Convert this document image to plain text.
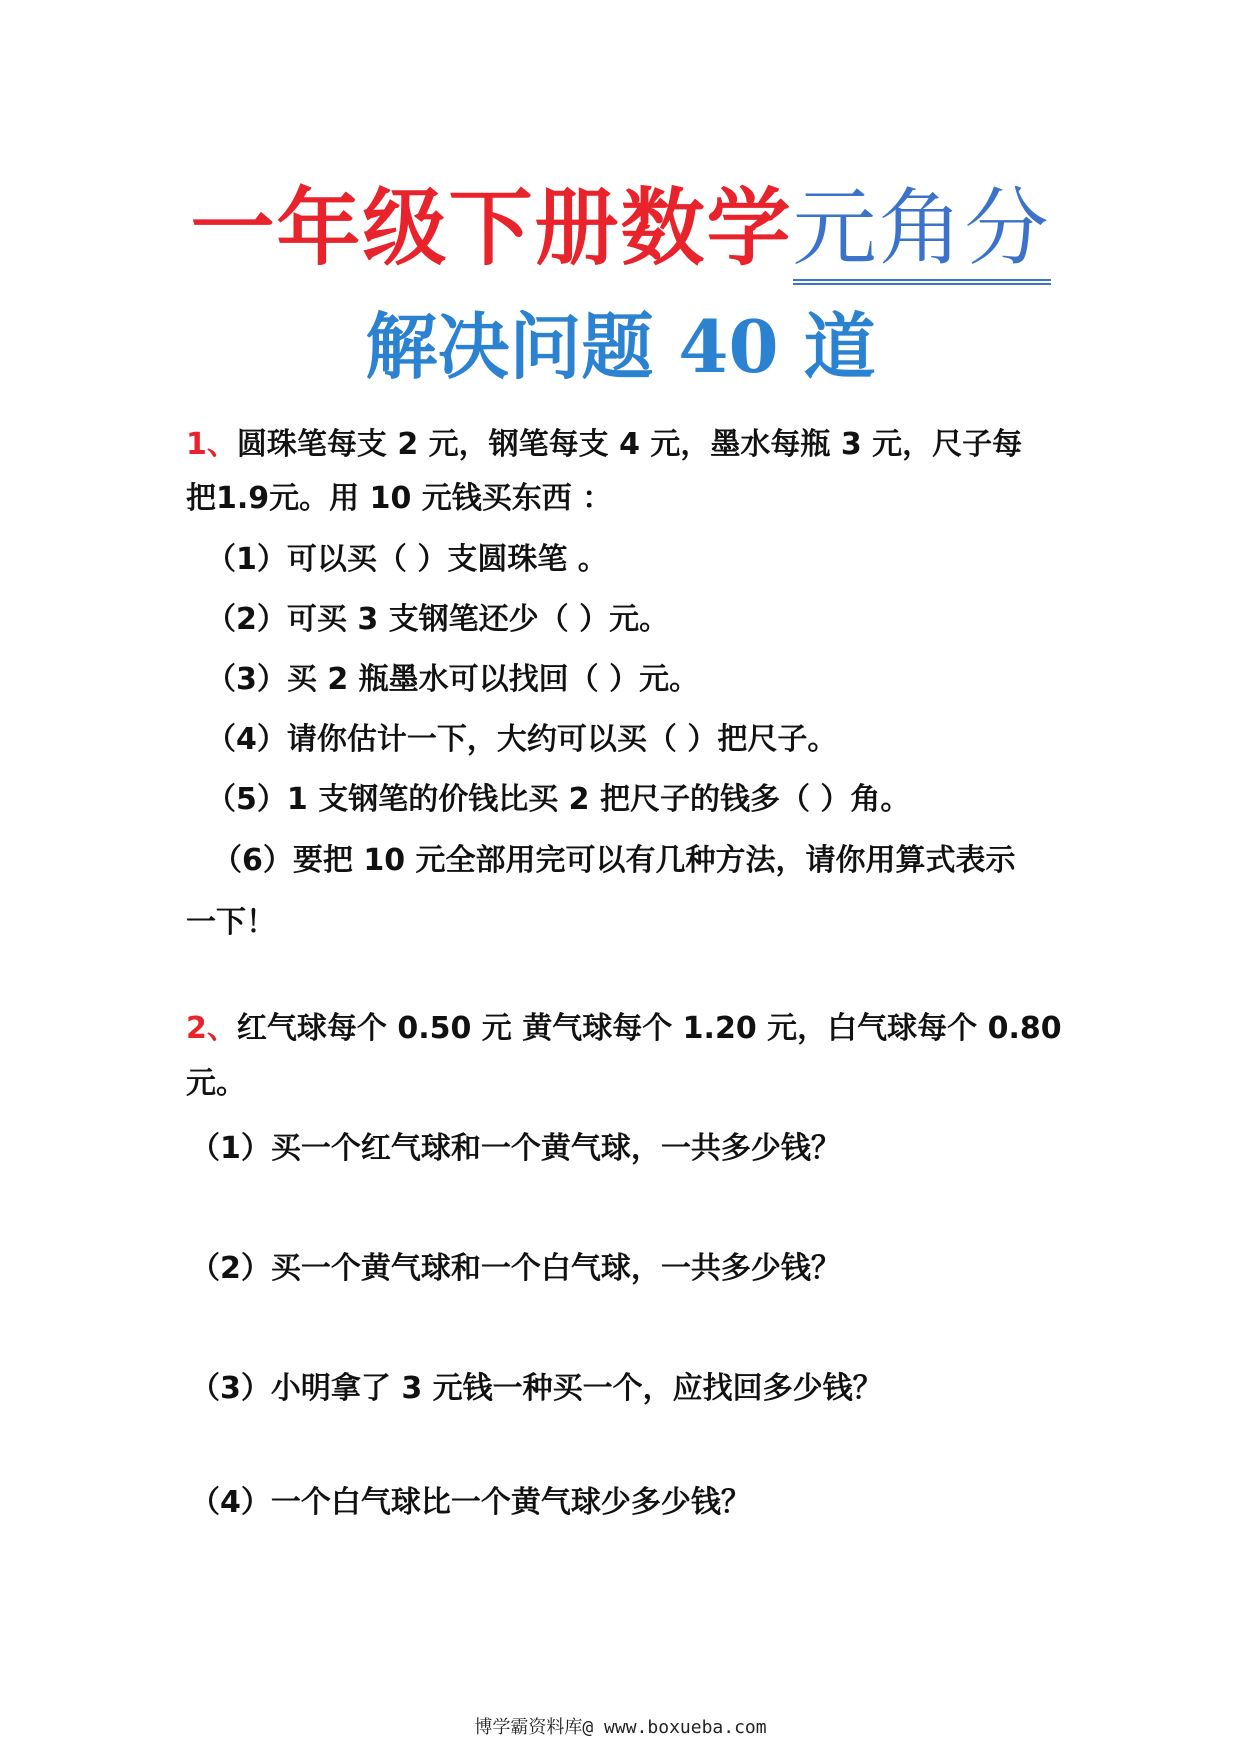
一年级下册数学元角分
解决问题 40 道
1、圆珠笔每支 2 元，钢笔每支 4 元，墨水每瓶 3 元，尺子每
把1.9元。用 10 元钱买东西 ：
（1）可以买（ ）支圆珠笔 。
（2）可买 3 支钢笔还少（ ）元。
（3）买 2 瓶墨水可以找回（ ）元。
（4）请你估计一下，大约可以买（ ）把尺子。
（5）1 支钢笔的价钱比买 2 把尺子的钱多（ ）角。
（6）要把 10 元全部用完可以有几种方法，请你用算式表示
一下！
2、红气球每个 0.50 元 黄气球每个 1.20 元，白气球每个 0.80
元。
（1）买一个红气球和一个黄气球，一共多少钱？
（2）买一个黄气球和一个白气球，一共多少钱？
（3）小明拿了 3 元钱一种买一个，应找回多少钱？
（4）一个白气球比一个黄气球少多少钱？
博学霸资料库@ www.boxueba.com
